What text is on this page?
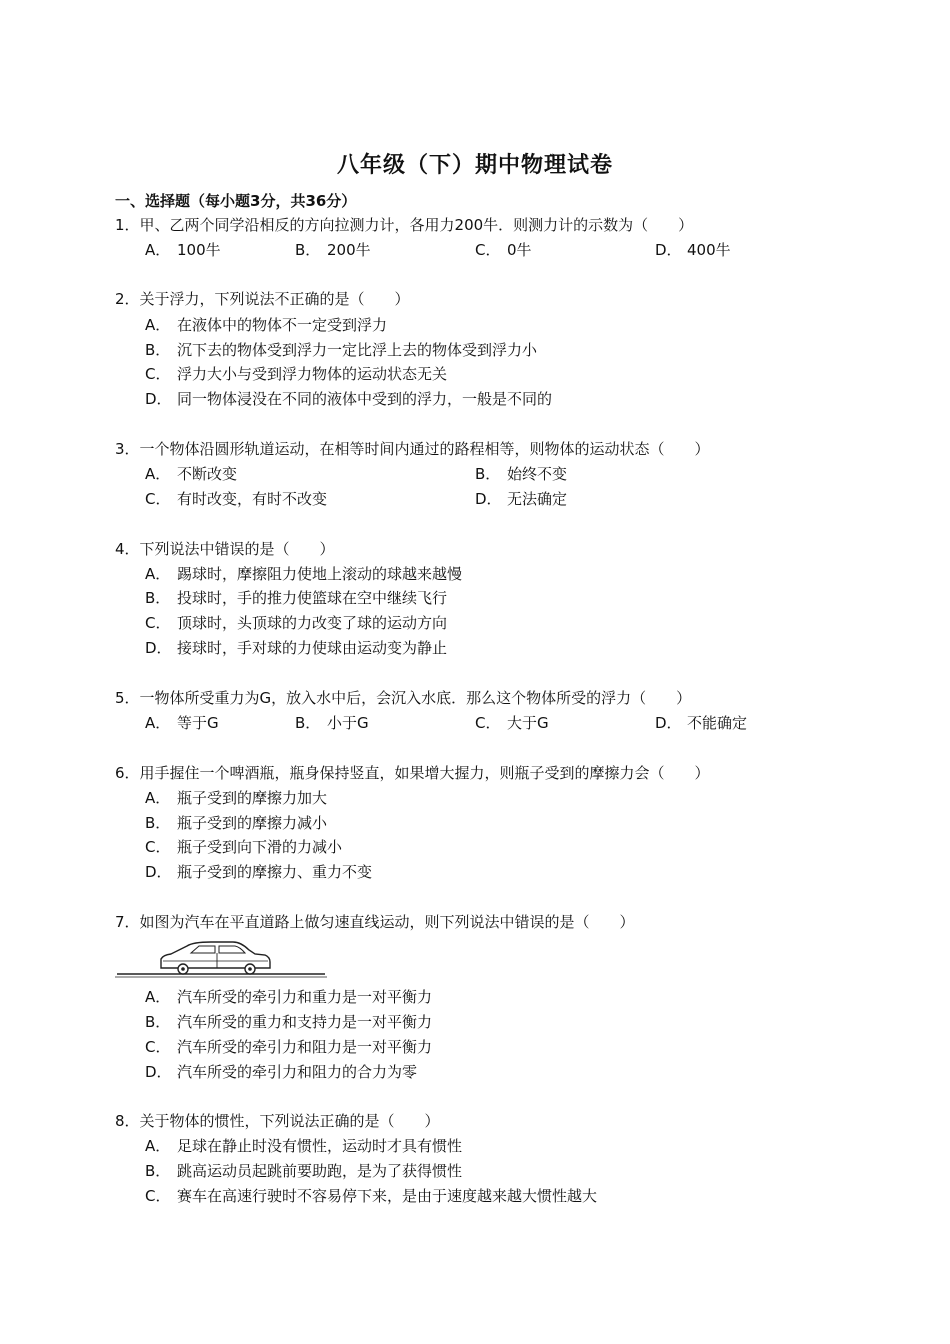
八年级（下）期中物理试卷
一、选择题（每小题3分，共36分）
1．甲、乙两个同学沿相反的方向拉测力计，各用力200牛．则测力计的示数为（　　）
A． 100牛	B． 200牛	C． 0牛	D． 400牛
2．关于浮力，下列说法不正确的是（　　）
A． 在液体中的物体不一定受到浮力
B． 沉下去的物体受到浮力一定比浮上去的物体受到浮力小
C． 浮力大小与受到浮力物体的运动状态无关
D． 同一物体浸没在不同的液体中受到的浮力，一般是不同的
3．一个物体沿圆形轨道运动，在相等时间内通过的路程相等，则物体的运动状态（　　）
A． 不断改变	B． 始终不变
C． 有时改变，有时不改变	D． 无法确定
4．下列说法中错误的是（　　）
A． 踢球时，摩擦阻力使地上滚动的球越来越慢
B． 投球时，手的推力使篮球在空中继续飞行
C． 顶球时，头顶球的力改变了球的运动方向
D． 接球时，手对球的力使球由运动变为静止
5．一物体所受重力为G，放入水中后，会沉入水底．那么这个物体所受的浮力（　　）
A． 等于G	B． 小于G	C． 大于G	D． 不能确定
6．用手握住一个啤酒瓶，瓶身保持竖直，如果增大握力，则瓶子受到的摩擦力会（　　）
A． 瓶子受到的摩擦力加大
B． 瓶子受到的摩擦力减小
C． 瓶子受到向下滑的力减小
D． 瓶子受到的摩擦力、重力不变
7．如图为汽车在平直道路上做匀速直线运动，则下列说法中错误的是（　　）
A． 汽车所受的牵引力和重力是一对平衡力
B． 汽车所受的重力和支持力是一对平衡力
C． 汽车所受的牵引力和阻力是一对平衡力
D． 汽车所受的牵引力和阻力的合力为零
8．关于物体的惯性，下列说法正确的是（　　）
A． 足球在静止时没有惯性，运动时才具有惯性
B． 跳高运动员起跳前要助跑，是为了获得惯性
C． 赛车在高速行驶时不容易停下来，是由于速度越来越大惯性越大
